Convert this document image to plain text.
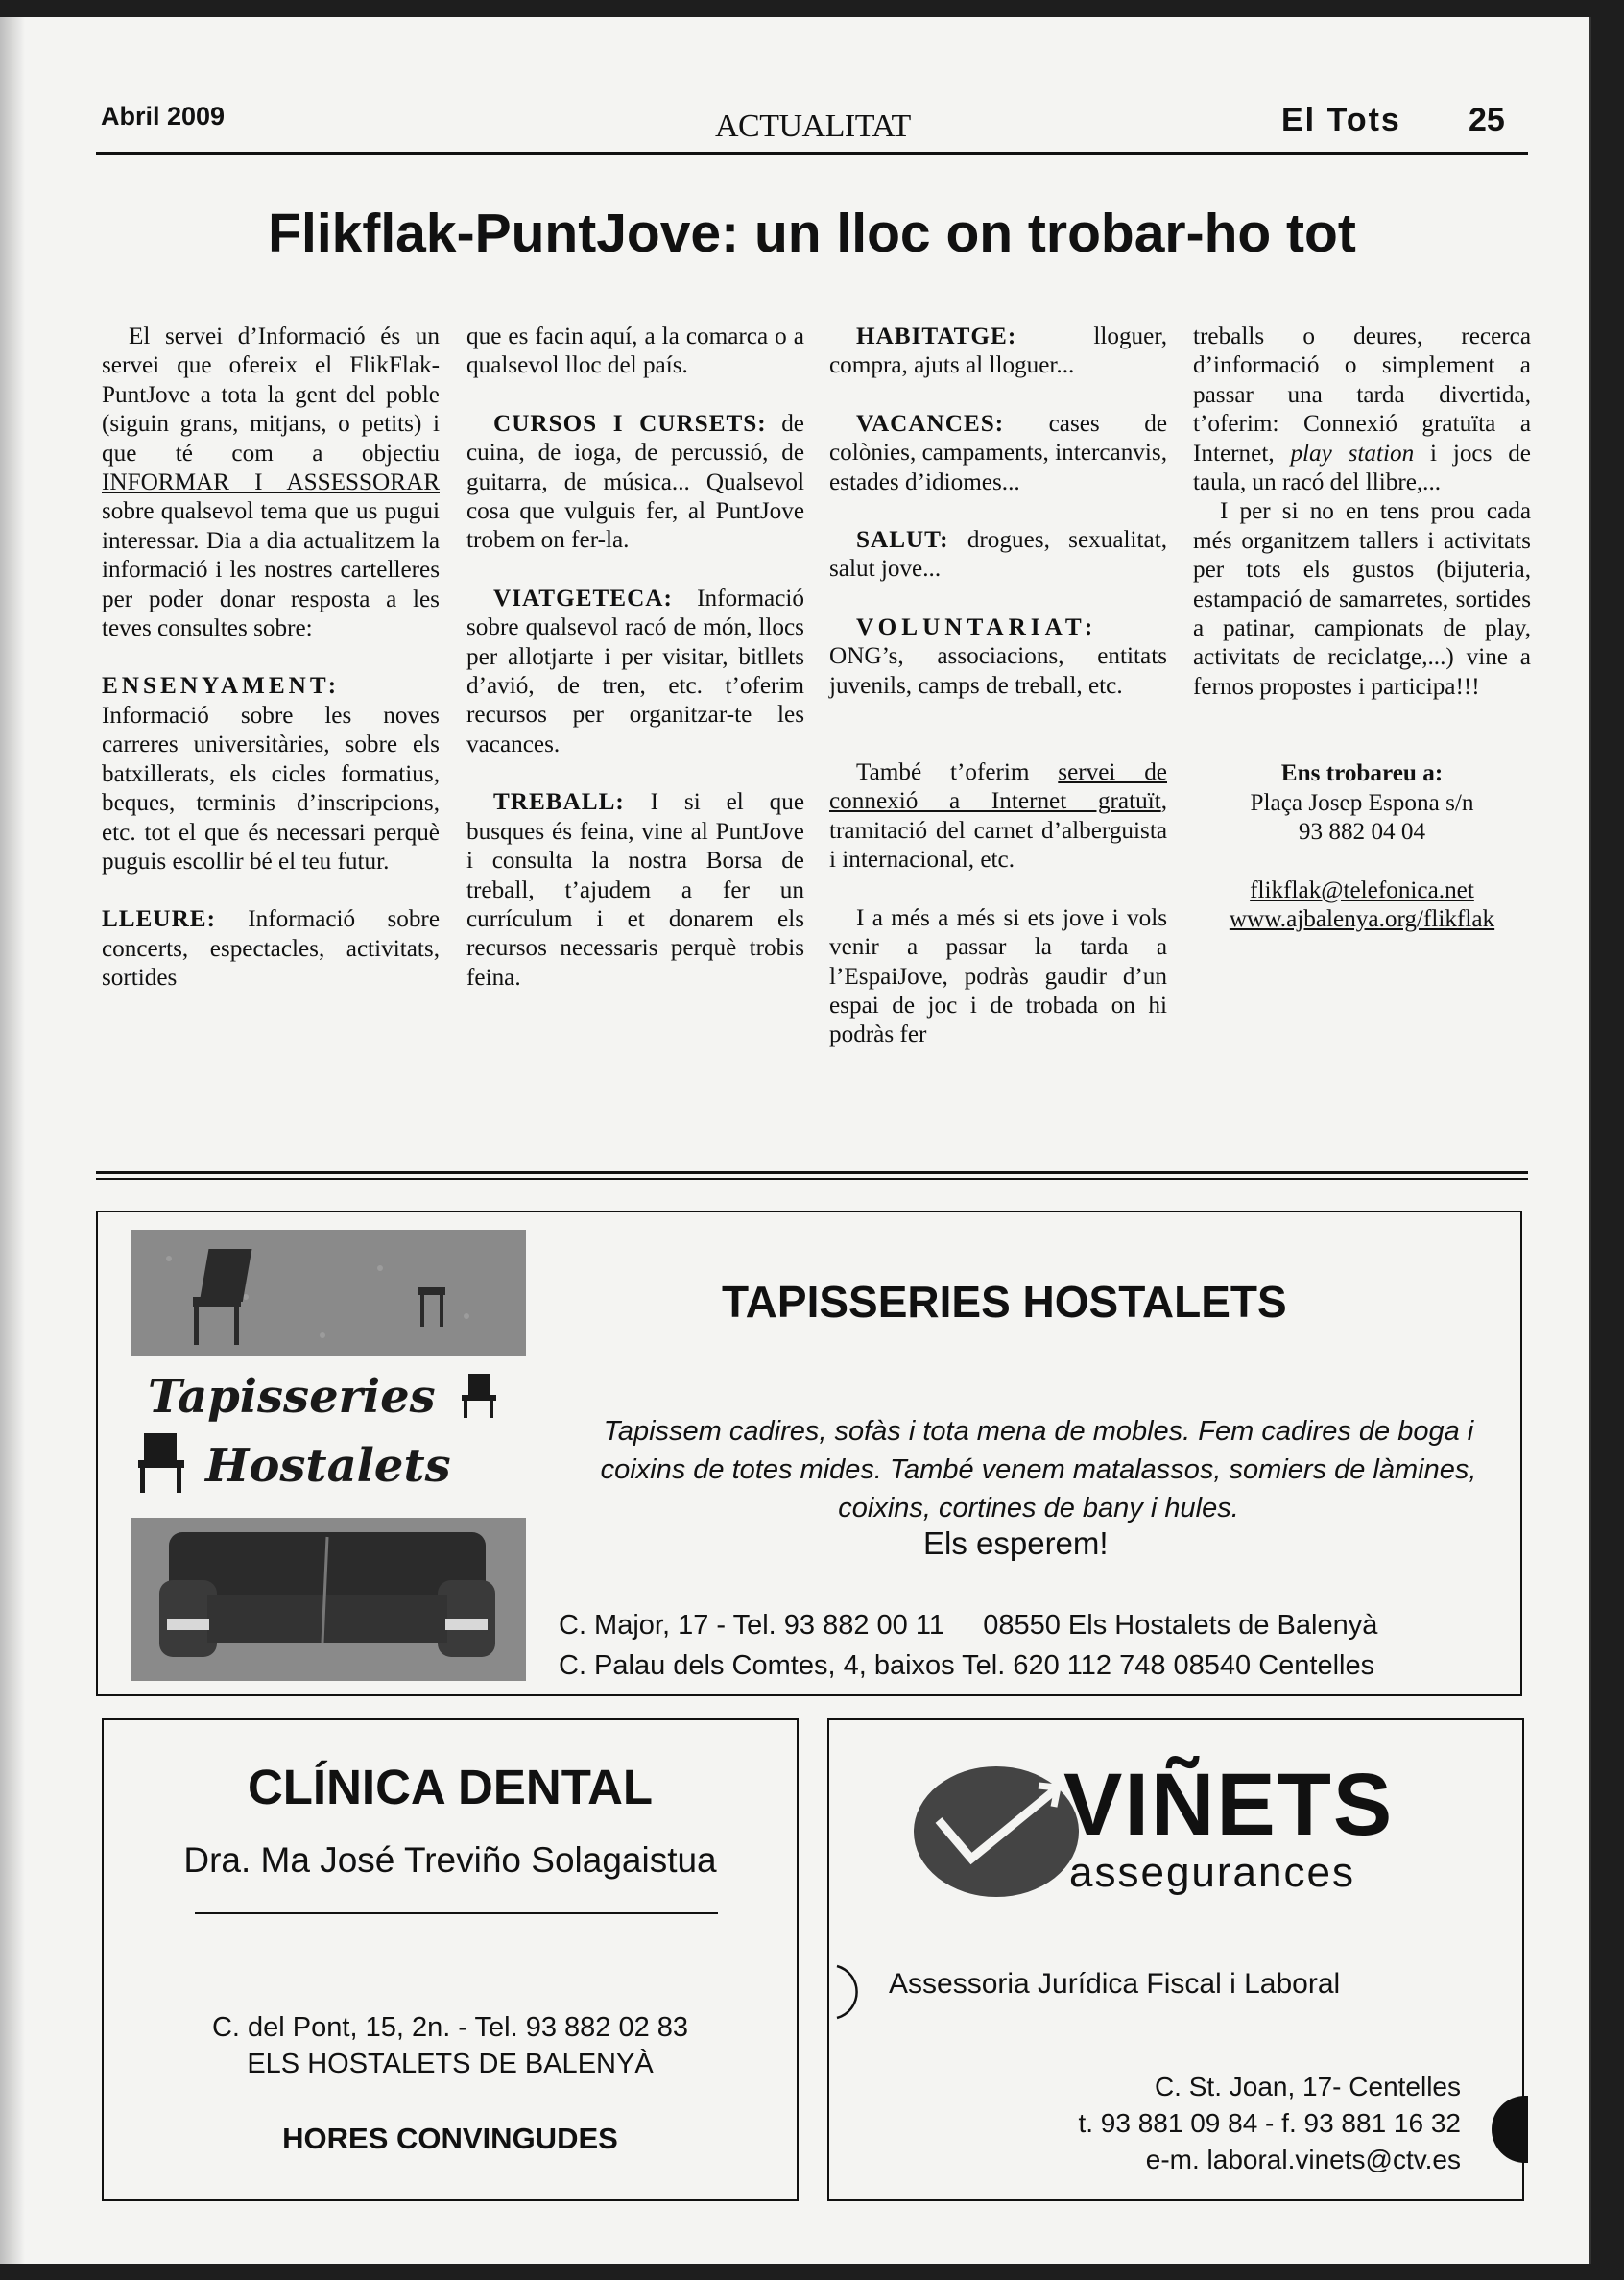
Abril 2009	ACTUALITAT	El Tots 25
Flikflak-PuntJove: un lloc on trobar-ho tot

El servei d’Informació és un servei que ofereix el FlikFlak-PuntJove a tota la gent del poble (siguin grans, mitjans, o petits) i que té com a objectiu INFORMAR I ASSESSORAR sobre qualsevol tema que us pugui interessar. Dia a dia actualitzem la informació i les nostres cartelleres per poder donar resposta a les teves consultes sobre:

ENSENYAMENT: Informació sobre les noves carreres universitàries, sobre els batxillerats, els cicles formatius, beques, terminis d’inscripcions, etc. tot el que és necessari perquè puguis escollir bé el teu futur.

LLEURE: Informació sobre concerts, espectacles, activitats, sortides

que es facin aquí, a la comarca o a qualsevol lloc del país.

CURSOS I CURSETS: de cuina, de ioga, de percussió, de guitarra, de música... Qualsevol cosa que vulguis fer, al PuntJove trobem on fer-la.

VIATGETECA: Informació sobre qualsevol racó de món, llocs per allotjarte i per visitar, bitllets d’avió, de tren, etc. t’oferim recursos per organitzar-te les vacances.

TREBALL: I si el que busques és feina, vine al PuntJove i consulta la nostra Borsa de treball, t’ajudem a fer un currículum i et donarem els recursos necessaris perquè trobis feina.

HABITATGE: lloguer, compra, ajuts al lloguer...

VACANCES: cases de colònies, campaments, intercanvis, estades d’idiomes...

SALUT: drogues, sexualitat, salut jove...

VOLUNTARIAT: ONG’s, associacions, entitats juvenils, camps de treball, etc.

També t’oferim servei de connexió a Internet gratuït, tramitació del carnet d’alberguista i internacional, etc.

I a més a més si ets jove i vols venir a passar la tarda a l’EspaiJove, podràs gaudir d’un espai de joc i de trobada on hi podràs fer

treballs o deures, recerca d’informació o simplement a passar una tarda divertida, t’oferim: Connexió gratuïta a Internet, play station i jocs de taula, un racó del llibre,...

I per si no en tens prou cada més organitzem tallers i activitats per tots els gustos (bijuteria, estampació de samarretes, sortides a patinar, campionats de play, activitats de reciclatge,...) vine a fernos propostes i participa!!!

Ens trobareu a:

Plaça Josep Espona s/n

93 882 04 04

flikflak@telefonica.net

www.ajbalenya.org/flikflak

Tapisseries
Hostalets
TAPISSERIES HOSTALETS
Tapissem cadires, sofàs i tota mena de mobles. Fem cadires de boga i coixins de totes mides. També venem matalassos, somiers de làmines, coixins, cortines de bany i hules.
Els esperem!
C. Major, 17 - Tel. 93 882 00 11     08550 Els Hostalets de Balenyà
C. Palau dels Comtes, 4, baixos Tel. 620 112 748 08540 Centelles
CLÍNICA DENTAL
Dra. Ma José Treviño Solagaistua
C. del Pont, 15, 2n. - Tel. 93 882 02 83
ELS HOSTALETS DE BALENYÀ
HORES CONVINGUDES
VIÑETS
assegurances
Assessoria Jurídica Fiscal i Laboral
C. St. Joan, 17- Centelles
t. 93 881 09 84 - f. 93 881 16 32
e-m. laboral.vinets@ctv.es
